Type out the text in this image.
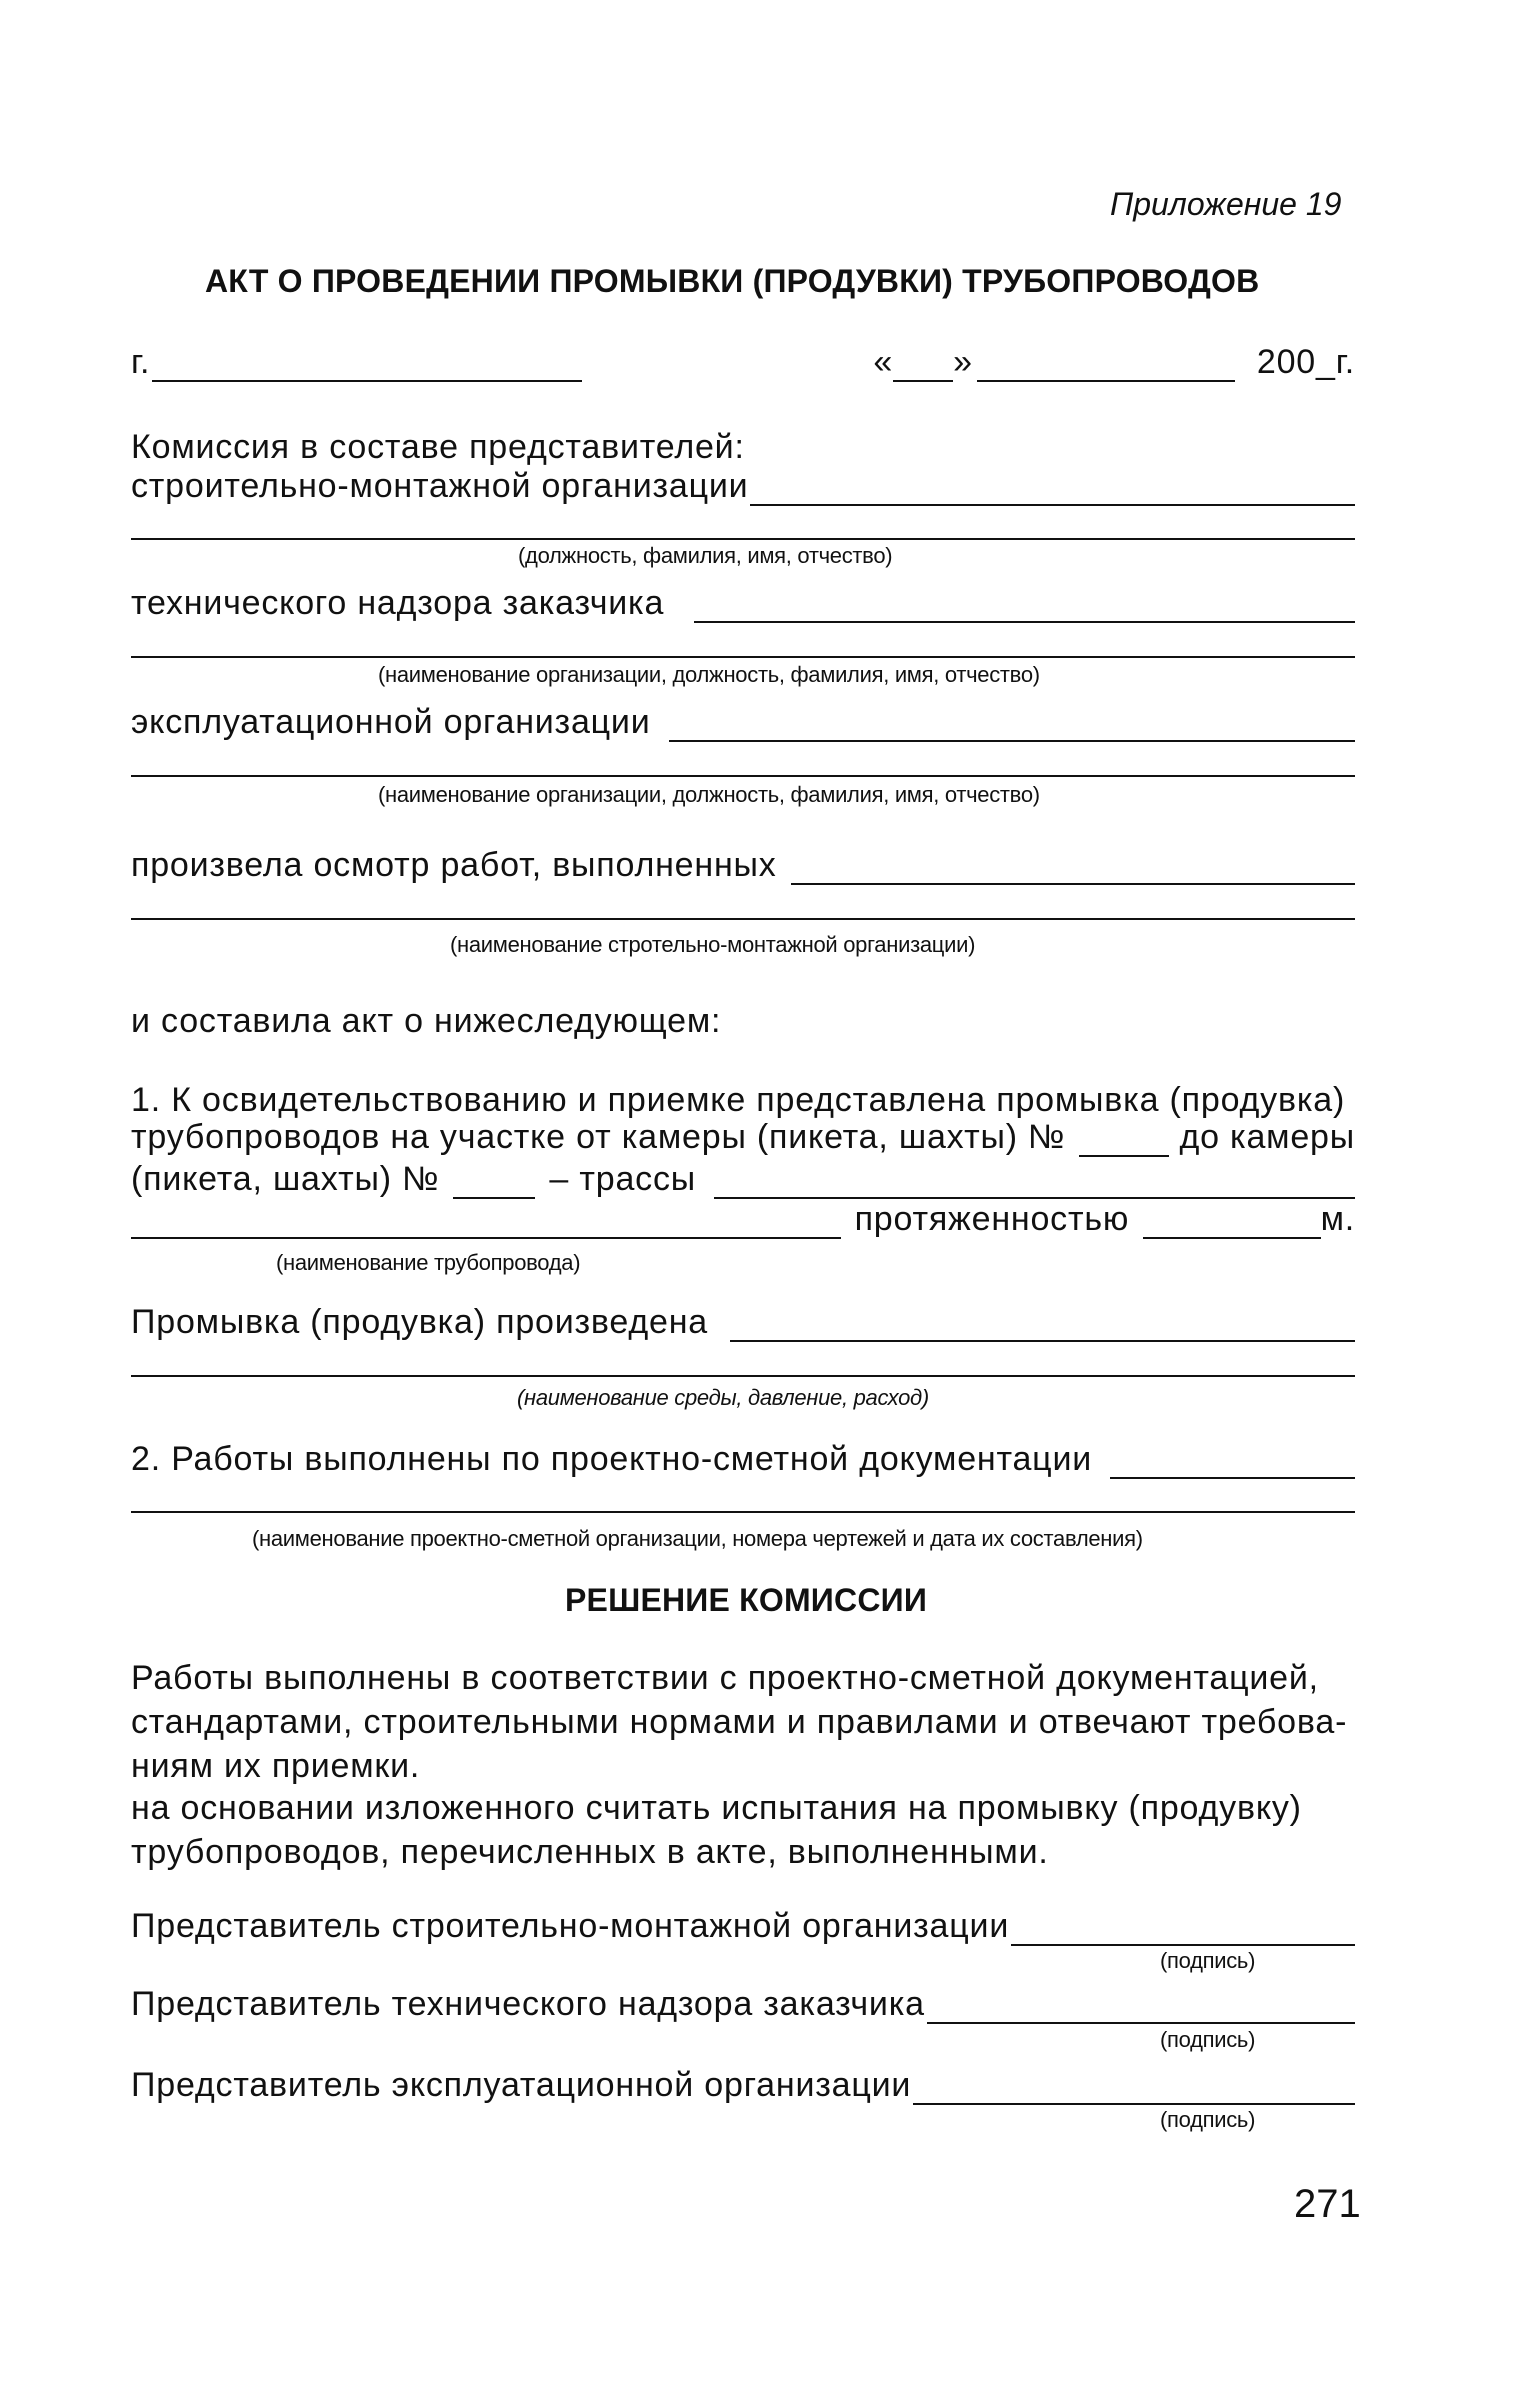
Приложение 19
АКТ О ПРОВЕДЕНИИ ПРОМЫВКИ (ПРОДУВКИ) ТРУБОПРОВОДОВ
г.	« »	200_г.
Комиссия в составе представителей:
строительно-монтажной организации
(должность, фамилия, имя, отчество)
технического надзора заказчика
(наименование организации, должность, фамилия, имя, отчество)
эксплуатационной организации
(наименование организации, должность, фамилия, имя, отчество)
произвела осмотр работ, выполненных
(наименование стротельно-монтажной организации)
и составила акт о нижеследующем:
1. К освидетельствованию и приемке представлена промывка (продувка)
трубопроводов на участке от камеры (пикета, шахты) №	до камеры
(пикета, шахты) №	– трассы
протяженностью	м.
(наименование трубопровода)
Промывка (продувка) произведена
(наименование среды, давление, расход)
2. Работы выполнены по проектно-сметной документации
(наименование проектно-сметной организации, номера чертежей и дата их составления)
РЕШЕНИЕ КОМИССИИ
Работы выполнены в соответствии с проектно-сметной документацией,
стандартами, строительными нормами и правилами и отвечают требова-
ниям их приемки.
на основании изложенного считать испытания на промывку (продувку)
трубопроводов, перечисленных в акте, выполненными.
Представитель строительно-монтажной организации
(подпись)
Представитель технического надзора заказчика
(подпись)
Представитель эксплуатационной организации
(подпись)
271
